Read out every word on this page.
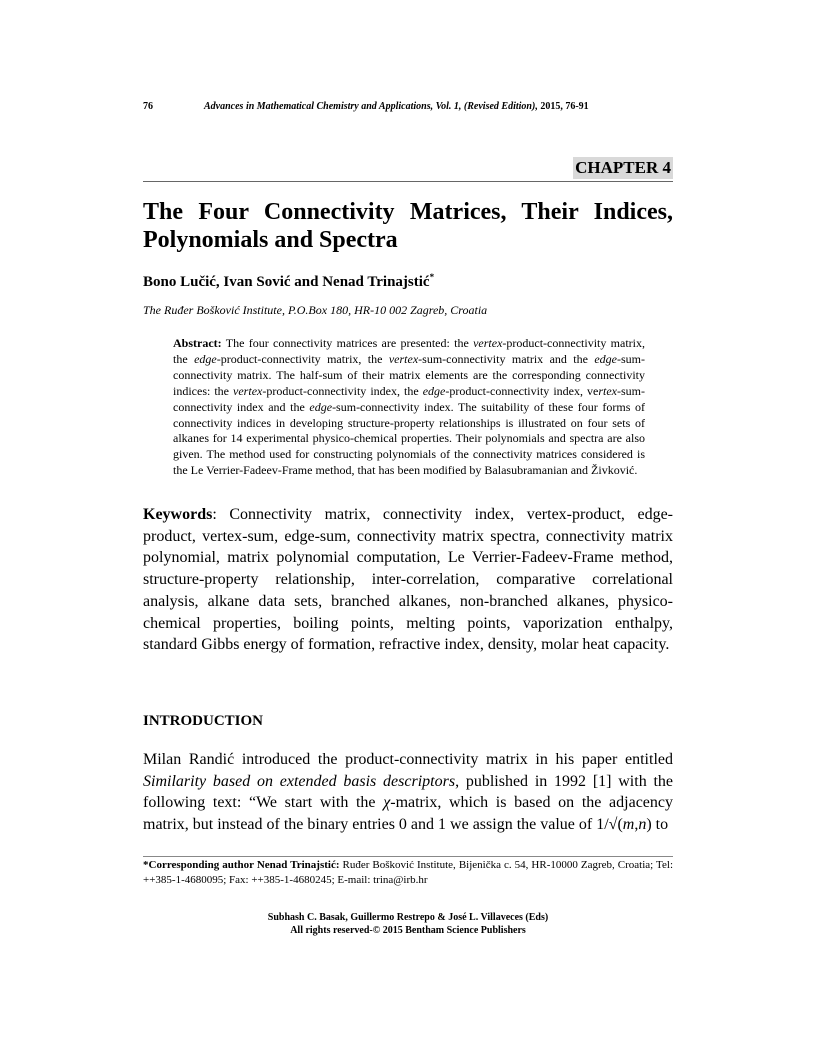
76	Advances in Mathematical Chemistry and Applications, Vol. 1, (Revised Edition), 2015, 76-91
CHAPTER 4
The Four Connectivity Matrices, Their Indices, Polynomials and Spectra
Bono Lučić, Ivan Sović and Nenad Trinajstić*
The Ruđer Bošković Institute, P.O.Box 180, HR-10 002 Zagreb, Croatia
Abstract: The four connectivity matrices are presented: the vertex-product-connectivity matrix, the edge-product-connectivity matrix, the vertex-sum-connectivity matrix and the edge-sum-connectivity matrix. The half-sum of their matrix elements are the corresponding connectivity indices: the vertex-product-connectivity index, the edge-product-connectivity index, vertex-sum-connectivity index and the edge-sum-connectivity index. The suitability of these four forms of connectivity indices in developing structure-property relationships is illustrated on four sets of alkanes for 14 experimental physico-chemical properties. Their polynomials and spectra are also given. The method used for constructing polynomials of the connectivity matrices considered is the Le Verrier-Fadeev-Frame method, that has been modified by Balasubramanian and Živković.
Keywords: Connectivity matrix, connectivity index, vertex-product, edge-product, vertex-sum, edge-sum, connectivity matrix spectra, connectivity matrix polynomial, matrix polynomial computation, Le Verrier-Fadeev-Frame method, structure-property relationship, inter-correlation, comparative correlational analysis, alkane data sets, branched alkanes, non-branched alkanes, physico-chemical properties, boiling points, melting points, vaporization enthalpy, standard Gibbs energy of formation, refractive index, density, molar heat capacity.
INTRODUCTION
Milan Randić introduced the product-connectivity matrix in his paper entitled Similarity based on extended basis descriptors, published in 1992 [1] with the following text: “We start with the χ-matrix, which is based on the adjacency matrix, but instead of the binary entries 0 and 1 we assign the value of 1/√(m,n) to
*Corresponding author Nenad Trinajstić: Ruđer Bošković Institute, Bijenička c. 54, HR-10000 Zagreb, Croatia; Tel: ++385-1-4680095; Fax: ++385-1-4680245; E-mail: trina@irb.hr
Subhash C. Basak, Guillermo Restrepo & José L. Villaveces (Eds)
All rights reserved-© 2015 Bentham Science Publishers
